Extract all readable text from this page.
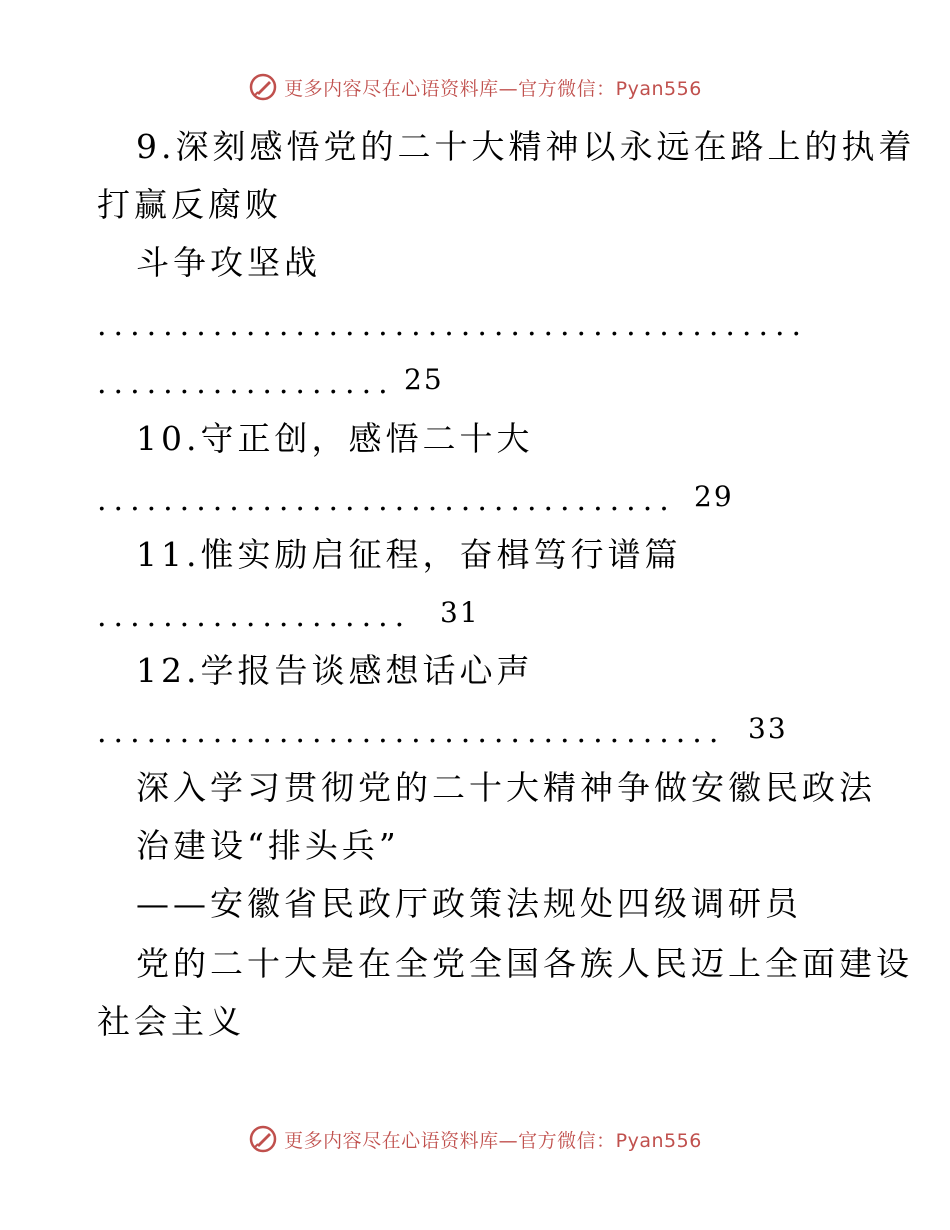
更多内容尽在心语资料库—官方微信：Pyan556
9.深刻感悟党的二十大精神以永远在路上的执着
打赢反腐败
斗争攻坚战
...........................................
.................. 25
10.守正创，感悟二十大
................................... 29
11.惟实励启征程，奋楫笃行谱篇
................... 31
12.学报告谈感想话心声
...................................... 33
深入学习贯彻党的二十大精神争做安徽民政法
治建设“排头兵”
——安徽省民政厅政策法规处四级调研员
党的二十大是在全党全国各族人民迈上全面建设
社会主义
更多内容尽在心语资料库—官方微信：Pyan556
